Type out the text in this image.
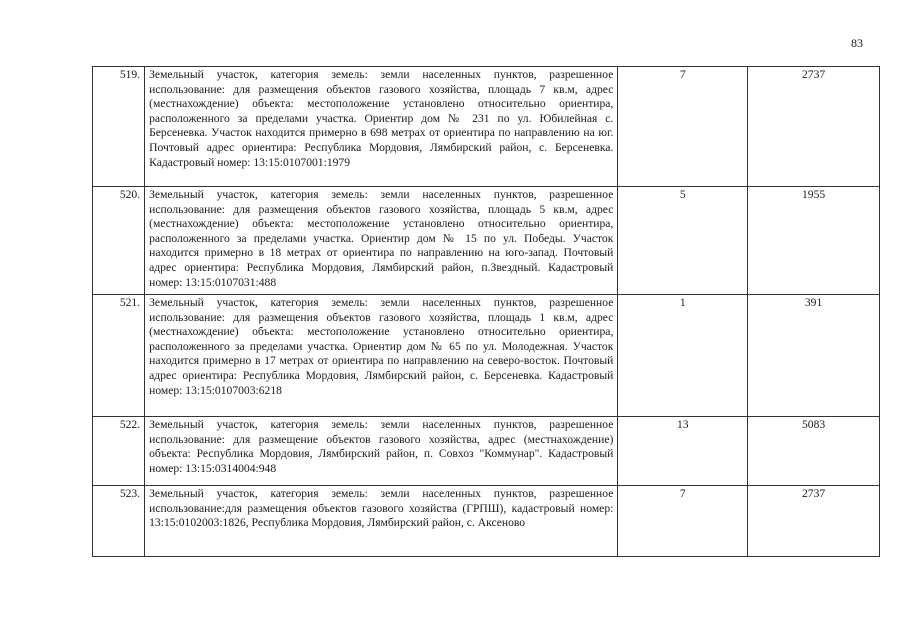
83
519.	Земельный участок, категория земель: земли населенных пунктов, разрешенное использование: для размещения объектов газового хозяйства, площадь 7 кв.м, адрес (местнахождение) объекта: местоположение установлено относительно ориентира, расположенного за пределами участка. Ориентир дом № 231 по ул. Юбилейная с. Берсеневка. Участок находится примерно в 698 метрах от ориентира по направлению на юг. Почтовый адрес ориентира: Республика Мордовия, Лямбирский район, с. Берсеневка. Кадастровый номер: 13:15:0107001:1979	7	2737
520.	Земельный участок, категория земель: земли населенных пунктов, разрешенное использование: для размещения объектов газового хозяйства, площадь 5 кв.м, адрес (местнахождение) объекта: местоположение установлено относительно ориентира, расположенного за пределами участка. Ориентир дом № 15 по ул. Победы. Участок находится примерно в 18 метрах от ориентира по направлению на юго-запад. Почтовый адрес ориентира: Республика Мордовия, Лямбирский район, п.Звездный. Кадастровый номер: 13:15:0107031:488	5	1955
521.	Земельный участок, категория земель: земли населенных пунктов, разрешенное использование: для размещения объектов газового хозяйства, площадь 1 кв.м, адрес (местнахождение) объекта: местоположение установлено относительно ориентира, расположенного за пределами участка. Ориентир дом № 65 по ул. Молодежная. Участок находится примерно в 17 метрах от ориентира по направлению на северо-восток. Почтовый адрес ориентира: Республика Мордовия, Лямбирский район, с. Берсеневка. Кадастровый номер: 13:15:0107003:6218	1	391
522.	Земельный участок, категория земель: земли населенных пунктов, разрешенное использование: для размещение объектов газового хозяйства, адрес (местнахождение) объекта: Республика Мордовия, Лямбирский район, п. Совхоз "Коммунар". Кадастровый номер: 13:15:0314004:948	13	5083
523.	Земельный участок, категория земель: земли населенных пунктов, разрешенное использование:для размещения объектов газового хозяйства (ГРПШ), кадастровый номер: 13:15:0102003:1826, Республика Мордовия, Лямбирский район, с. Аксеново	7	2737
